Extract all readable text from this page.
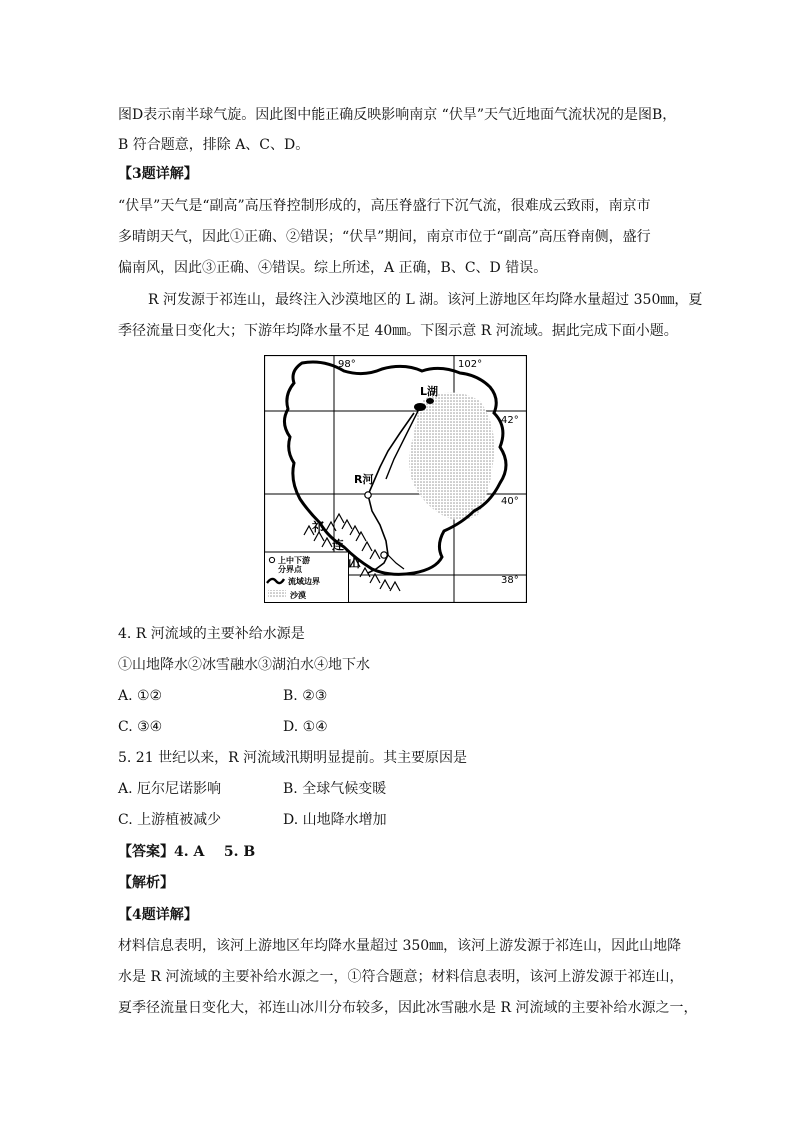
图D表示南半球气旋。因此图中能正确反映影响南京 “伏旱”天气近地面气流状况的是图B，
B 符合题意，排除 A、C、D。
【3题详解】
“伏旱”天气是“副高”高压脊控制形成的，高压脊盛行下沉气流，很难成云致雨，南京市
多晴朗天气，因此①正确、②错误；“伏旱”期间，南京市位于“副高”高压脊南侧，盛行
偏南风，因此③正确、④错误。综上所述，A 正确，B、C、D 错误。
R 河发源于祁连山，最终注入沙漠地区的 L 湖。该河上游地区年均降水量超过 350㎜，夏
季径流量日变化大；下游年均降水量不足 40㎜。下图示意 R 河流域。据此完成下面小题。
98°	102°
42°
40°
38°
L湖
R河
祁
连
山
上中下游
分界点
流域边界
沙漠
4. R 河流域的主要补给水源是
①山地降水②冰雪融水③湖泊水④地下水
A. ①②	B. ②③
C. ③④	D. ①④
5. 21 世纪以来，R 河流域汛期明显提前。其主要原因是
A. 厄尔尼诺影响	B. 全球气候变暖
C. 上游植被减少	D. 山地降水增加
【答案】4. A    5. B
【解析】
【4题详解】
材料信息表明，该河上游地区年均降水量超过 350㎜，该河上游发源于祁连山，因此山地降
水是 R 河流域的主要补给水源之一，①符合题意；材料信息表明，该河上游发源于祁连山，
夏季径流量日变化大，祁连山冰川分布较多，因此冰雪融水是 R 河流域的主要补给水源之一，
